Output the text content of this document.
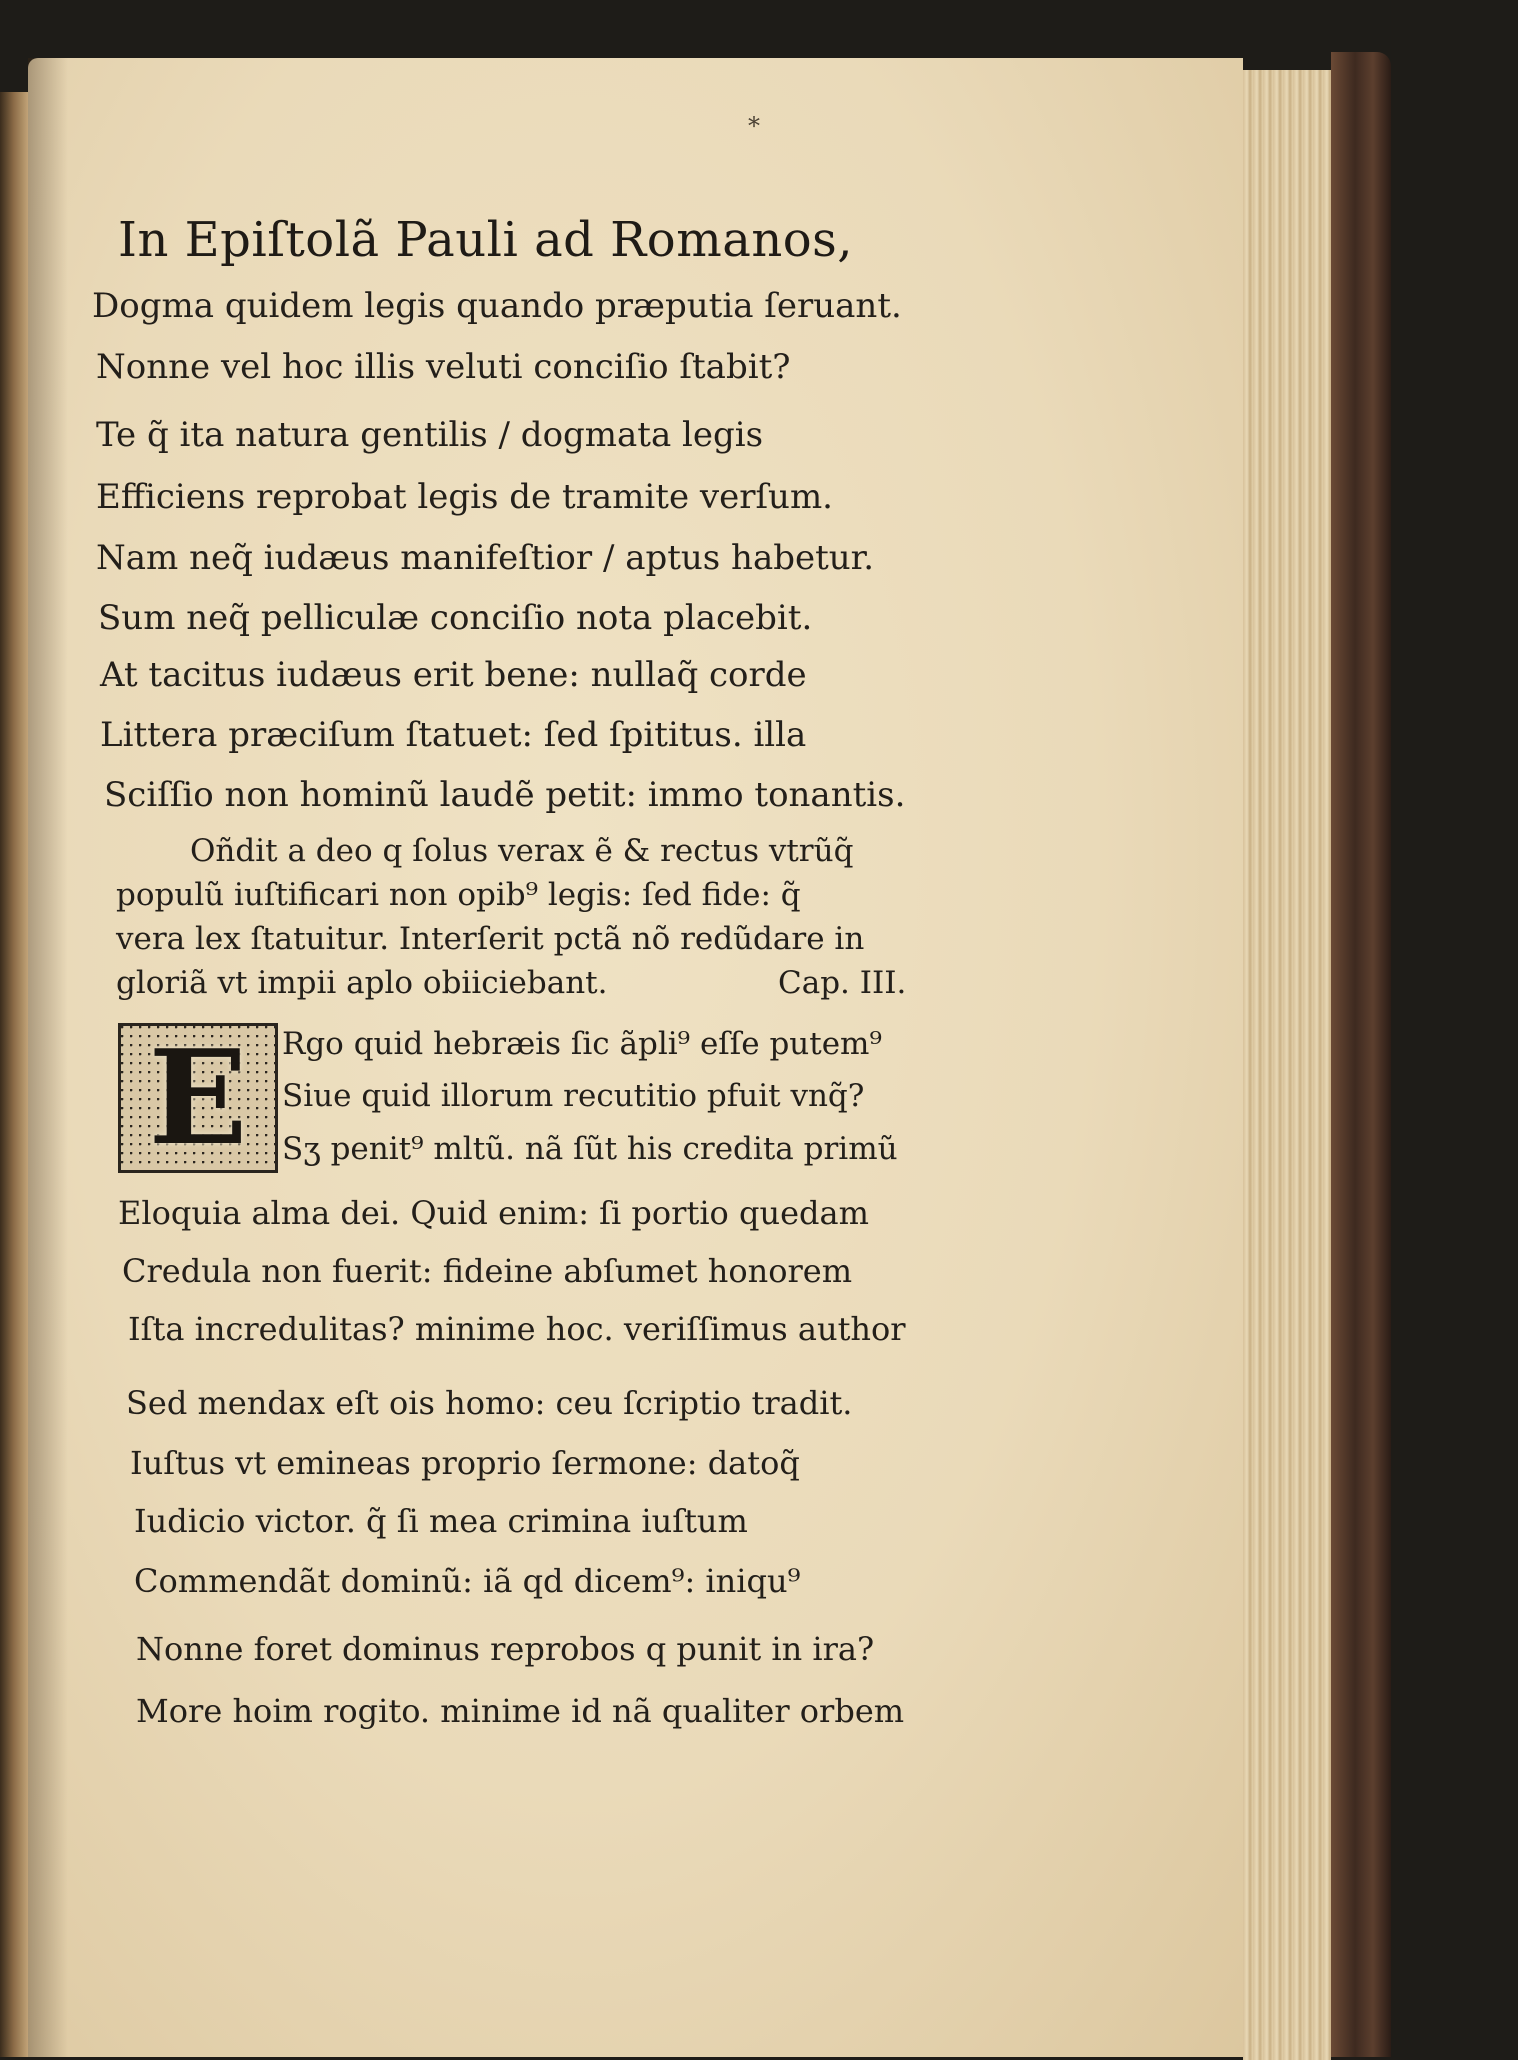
*
In Epiſtolã Pauli ad Romanos,
Dogma quidem legis quando præputia ſeruant.
Nonne vel hoc illis veluti conciſio ſtabit?
Te q̃ ita natura gentilis / dogmata legis
Efficiens reprobat legis de tramite verſum.
Nam neq̃ iudæus manifeſtior / aptus habetur.
Sum neq̃ pelliculæ conciſio nota placebit.
At tacitus iudæus erit bene: nullaq̃ corde
Littera præciſum ſtatuet: ſed ſpititus. illa
Sciſſio non hominũ laudẽ petit: immo tonantis.
Oñdit a deo q ſolus verax ẽ & rectus vtrũq̃
populũ iuſtificari non opib⁹ legis: ſed fide: q̃
vera lex ſtatuitur. Interſerit pctã nõ redũdare in
gloriã vt impii aplo obiiciebant.	Cap. III.
E	Rgo quid hebræis ſic ãpli⁹ eſſe putem⁹
Siue quid illorum recutitio pfuit vnq̃?
Sʒ penit⁹ mltũ. nã ſũt his credita primũ
Eloquia alma dei. Quid enim: ſi portio quedam
Credula non fuerit: fideine abſumet honorem
Iſta incredulitas? minime hoc. veriſſimus author
Sed mendax eſt ois homo: ceu ſcriptio tradit.
Iuſtus vt emineas proprio ſermone: datoq̃
Iudicio victor. q̃ ſi mea crimina iuſtum
Commendãt dominũ: iã qd dicem⁹: iniqu⁹
Nonne foret dominus reprobos q punit in ira?
More hoim rogito. minime id nã qualiter orbem
